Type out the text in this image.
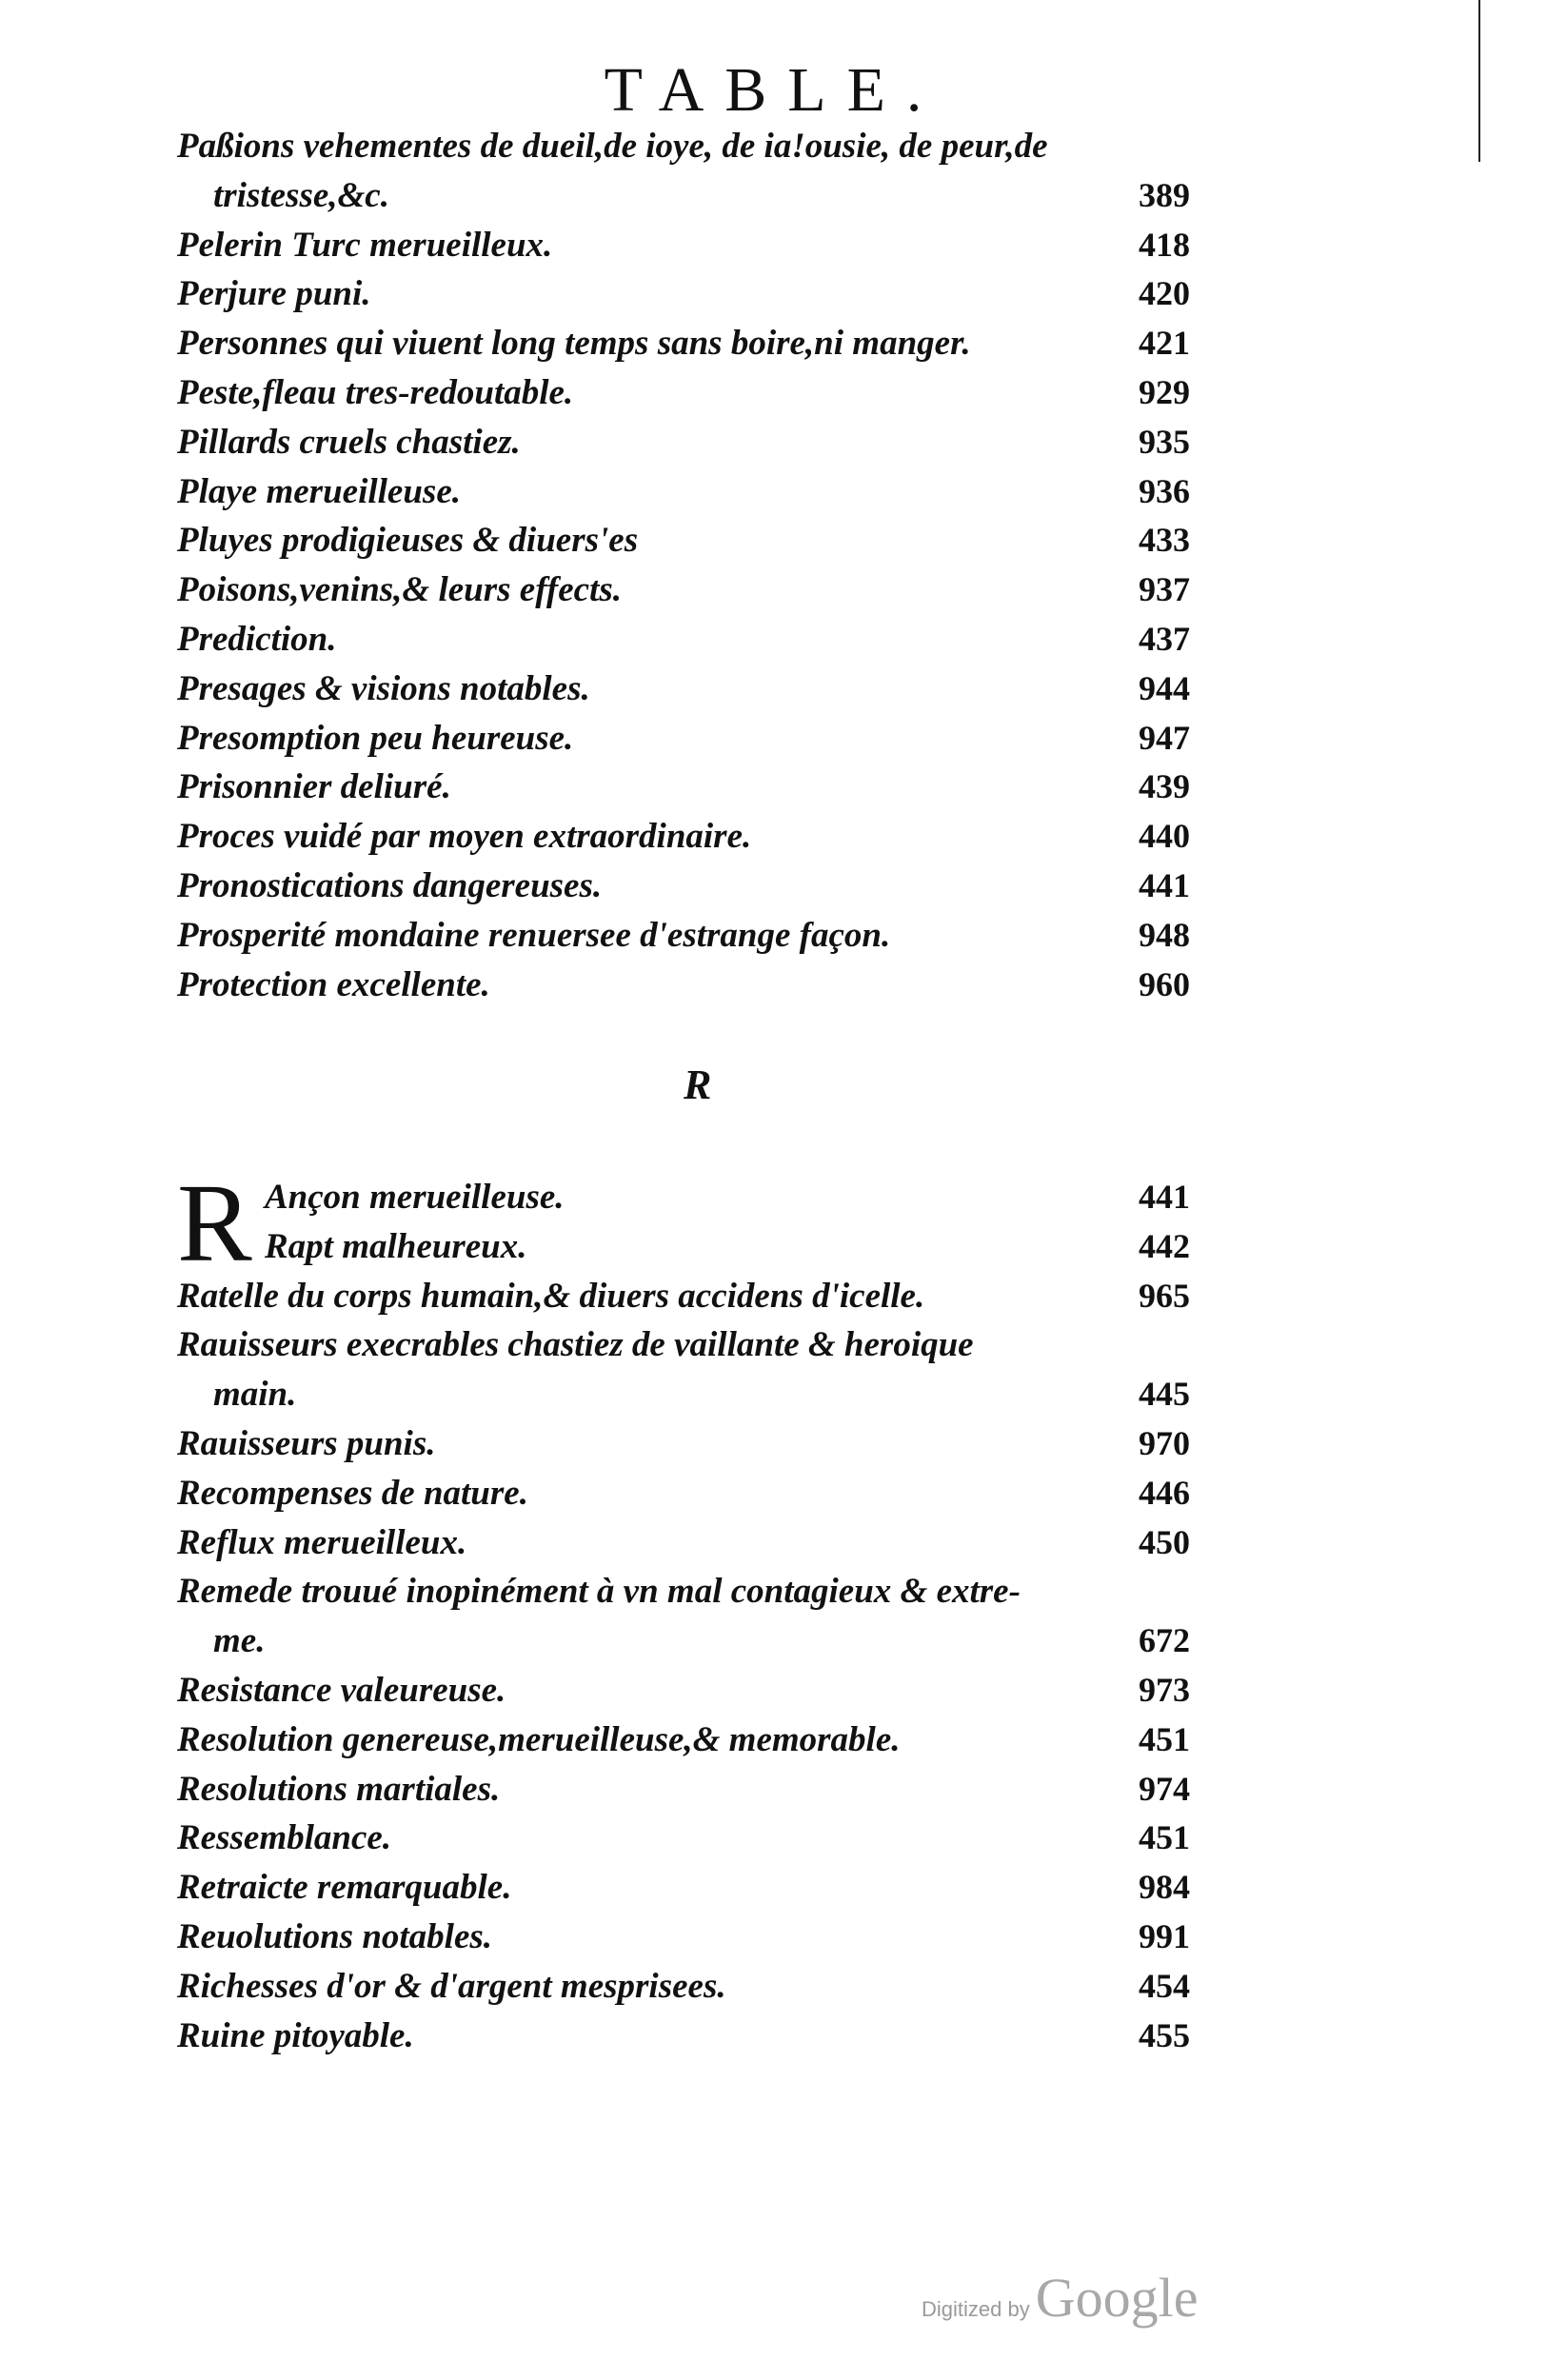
TABLE.
Paßions vehementes de dueil,de ioye, de ia!ousie, de peur,de
tristesse,&c.	389
Pelerin Turc merueilleux.	418
Perjure puni.	420
Personnes qui viuent long temps sans boire,ni manger.	421
Peste,fleau tres-redoutable.	929
Pillards cruels chastiez.	935
Playe merueilleuse.	936
Pluyes prodigieuses & diuers'es	433
Poisons,venins,& leurs effects.	937
Prediction.	437
Presages & visions notables.	944
Presomption peu heureuse.	947
Prisonnier deliuré.	439
Proces vuidé par moyen extraordinaire.	440
Pronostications dangereuses.	441
Prosperité mondaine renuersee d'estrange façon.	948
Protection excellente.	960
R
R Ançon merueilleuse.	441
Rapt malheureux.	442
Ratelle du corps humain,& diuers accidens d'icelle.	965
Rauisseurs execrables chastiez de vaillante & heroique
main.	445
Rauisseurs punis.	970
Recompenses de nature.	446
Reflux merueilleux.	450
Remede trouué inopinément à vn mal contagieux & extre-
me.	672
Resistance valeureuse.	973
Resolution genereuse,merueilleuse,& memorable.	451
Resolutions martiales.	974
Ressemblance.	451
Retraicte remarquable.	984
Reuolutions notables.	991
Richesses d'or & d'argent mesprisees.	454
Ruine pitoyable.	455
Digitized by Google
